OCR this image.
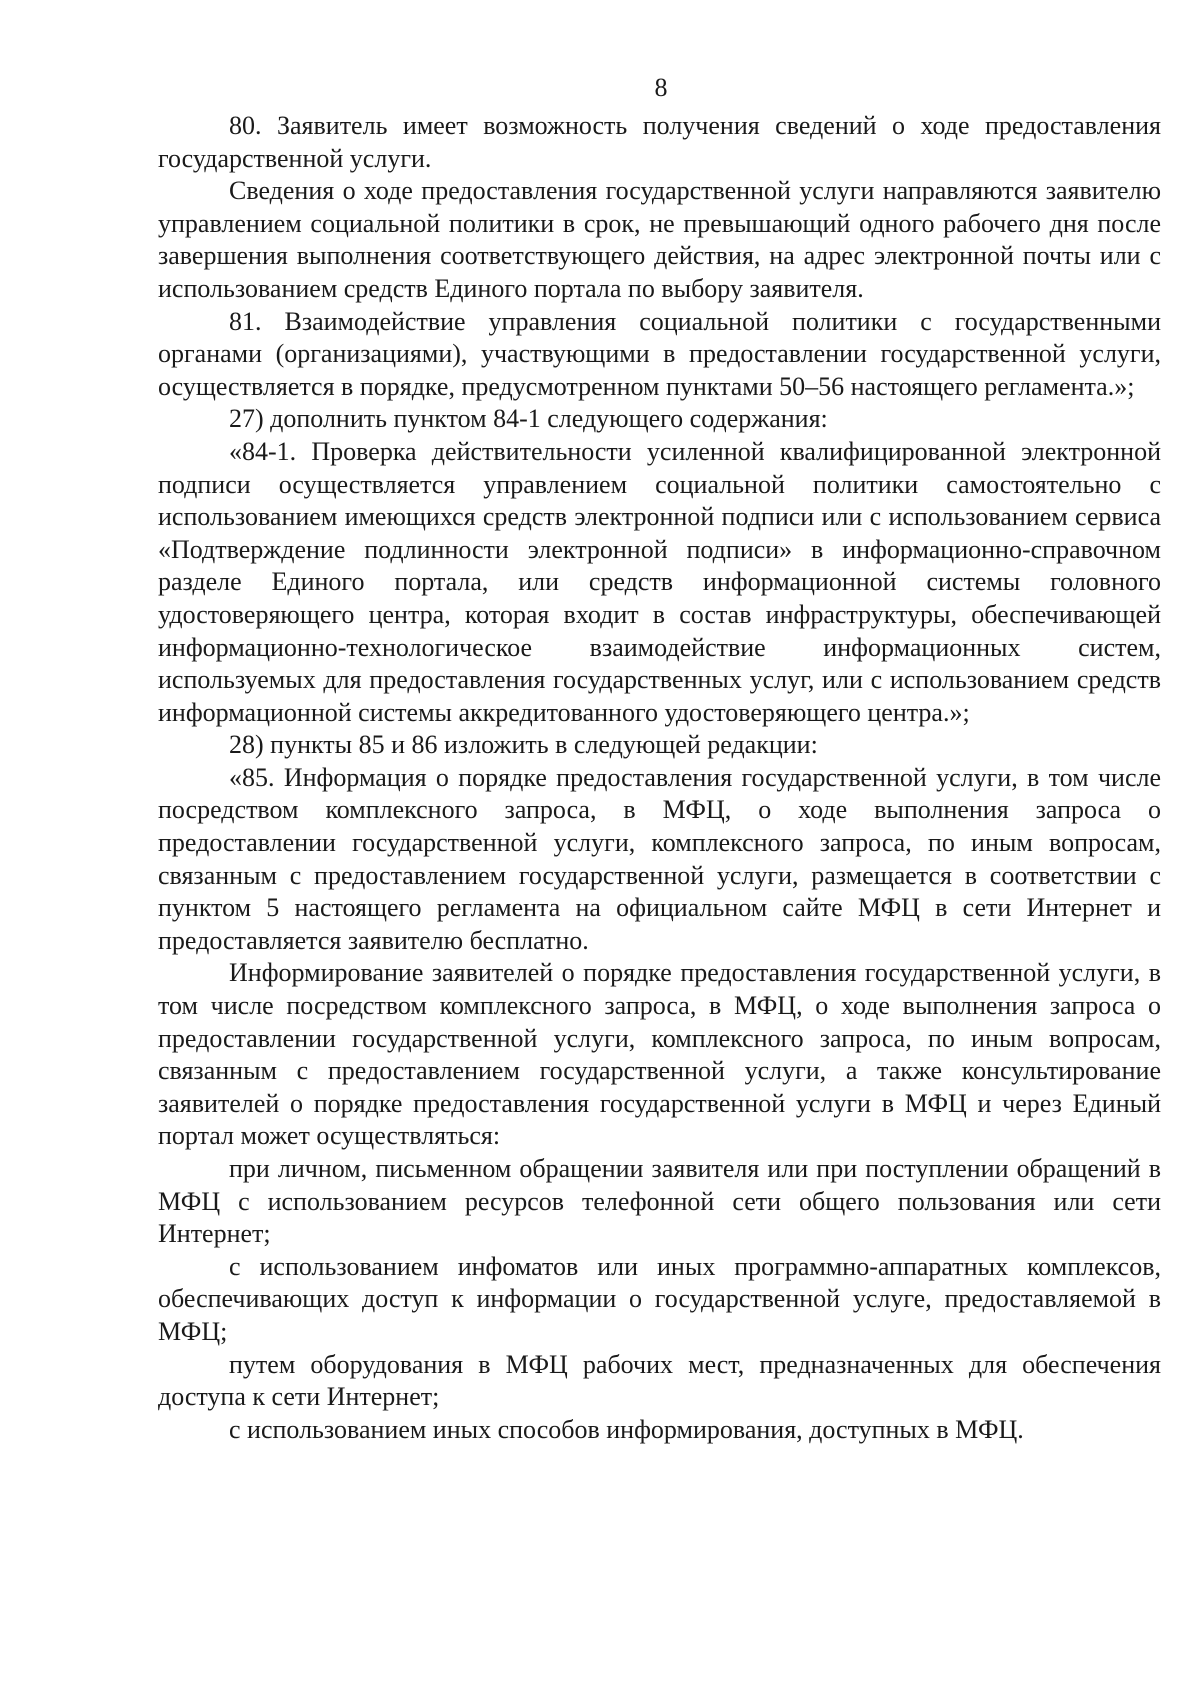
8

80. Заявитель имеет возможность получения сведений о ходе предоставления государственной услуги.

Сведения о ходе предоставления государственной услуги направляются заявителю управлением социальной политики в срок, не превышающий одного рабочего дня после завершения выполнения соответствующего действия, на адрес электронной почты или с использованием средств Единого портала по выбору заявителя.

81. Взаимодействие управления социальной политики с государственными органами (организациями), участвующими в предоставлении государственной услуги, осуществляется в порядке, предусмотренном пунктами 50–56 настоящего регламента.»;

27) дополнить пунктом 84-1 следующего содержания:

«84-1. Проверка действительности усиленной квалифицированной электронной подписи осуществляется управлением социальной политики самостоятельно с использованием имеющихся средств электронной подписи или с использованием сервиса «Подтверждение подлинности электронной подписи» в информационно-справочном разделе Единого портала, или средств информационной системы головного удостоверяющего центра, которая входит в состав инфраструктуры, обеспечивающей информационно-технологическое взаимодействие информационных систем, используемых для предоставления государственных услуг, или с использованием средств информационной системы аккредитованного удостоверяющего центра.»;

28) пункты 85 и 86 изложить в следующей редакции:

«85. Информация о порядке предоставления государственной услуги, в том числе посредством комплексного запроса, в МФЦ, о ходе выполнения запроса о предоставлении государственной услуги, комплексного запроса, по иным вопросам, связанным с предоставлением государственной услуги, размещается в соответствии с пунктом 5 настоящего регламента на официальном сайте МФЦ в сети Интернет и предоставляется заявителю бесплатно.

Информирование заявителей о порядке предоставления государственной услуги, в том числе посредством комплексного запроса, в МФЦ, о ходе выполнения запроса о предоставлении государственной услуги, комплексного запроса, по иным вопросам, связанным с предоставлением государственной услуги, а также консультирование заявителей о порядке предоставления государственной услуги в МФЦ и через Единый портал может осуществляться:

при личном, письменном обращении заявителя или при поступлении обращений в МФЦ с использованием ресурсов телефонной сети общего пользования или сети Интернет;

с использованием инфоматов или иных программно-аппаратных комплексов, обеспечивающих доступ к информации о государственной услуге, предоставляемой в МФЦ;

путем оборудования в МФЦ рабочих мест, предназначенных для обеспечения доступа к сети Интернет;

с использованием иных способов информирования, доступных в МФЦ.
